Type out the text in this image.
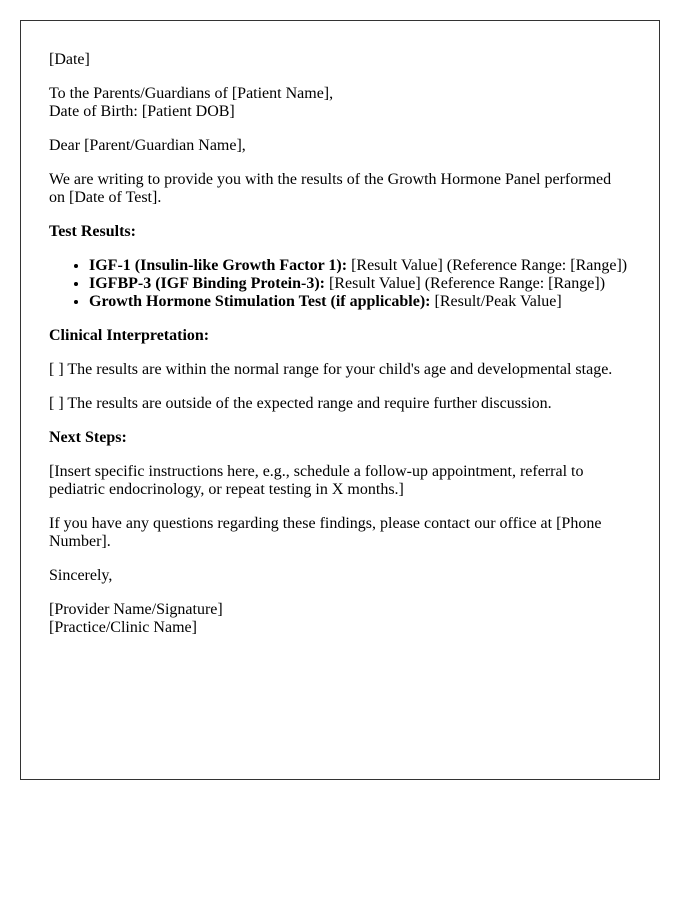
[Date]

To the Parents/Guardians of [Patient Name],
Date of Birth: [Patient DOB]

Dear [Parent/Guardian Name],

We are writing to provide you with the results of the Growth Hormone Panel performed on [Date of Test].

Test Results:

• IGF-1 (Insulin-like Growth Factor 1): [Result Value] (Reference Range: [Range])
• IGFBP-3 (IGF Binding Protein-3): [Result Value] (Reference Range: [Range])
• Growth Hormone Stimulation Test (if applicable): [Result/Peak Value]

Clinical Interpretation:

[ ] The results are within the normal range for your child's age and developmental stage.

[ ] The results are outside of the expected range and require further discussion.

Next Steps:

[Insert specific instructions here, e.g., schedule a follow-up appointment, referral to pediatric endocrinology, or repeat testing in X months.]

If you have any questions regarding these findings, please contact our office at [Phone Number].

Sincerely,

[Provider Name/Signature]
[Practice/Clinic Name]
